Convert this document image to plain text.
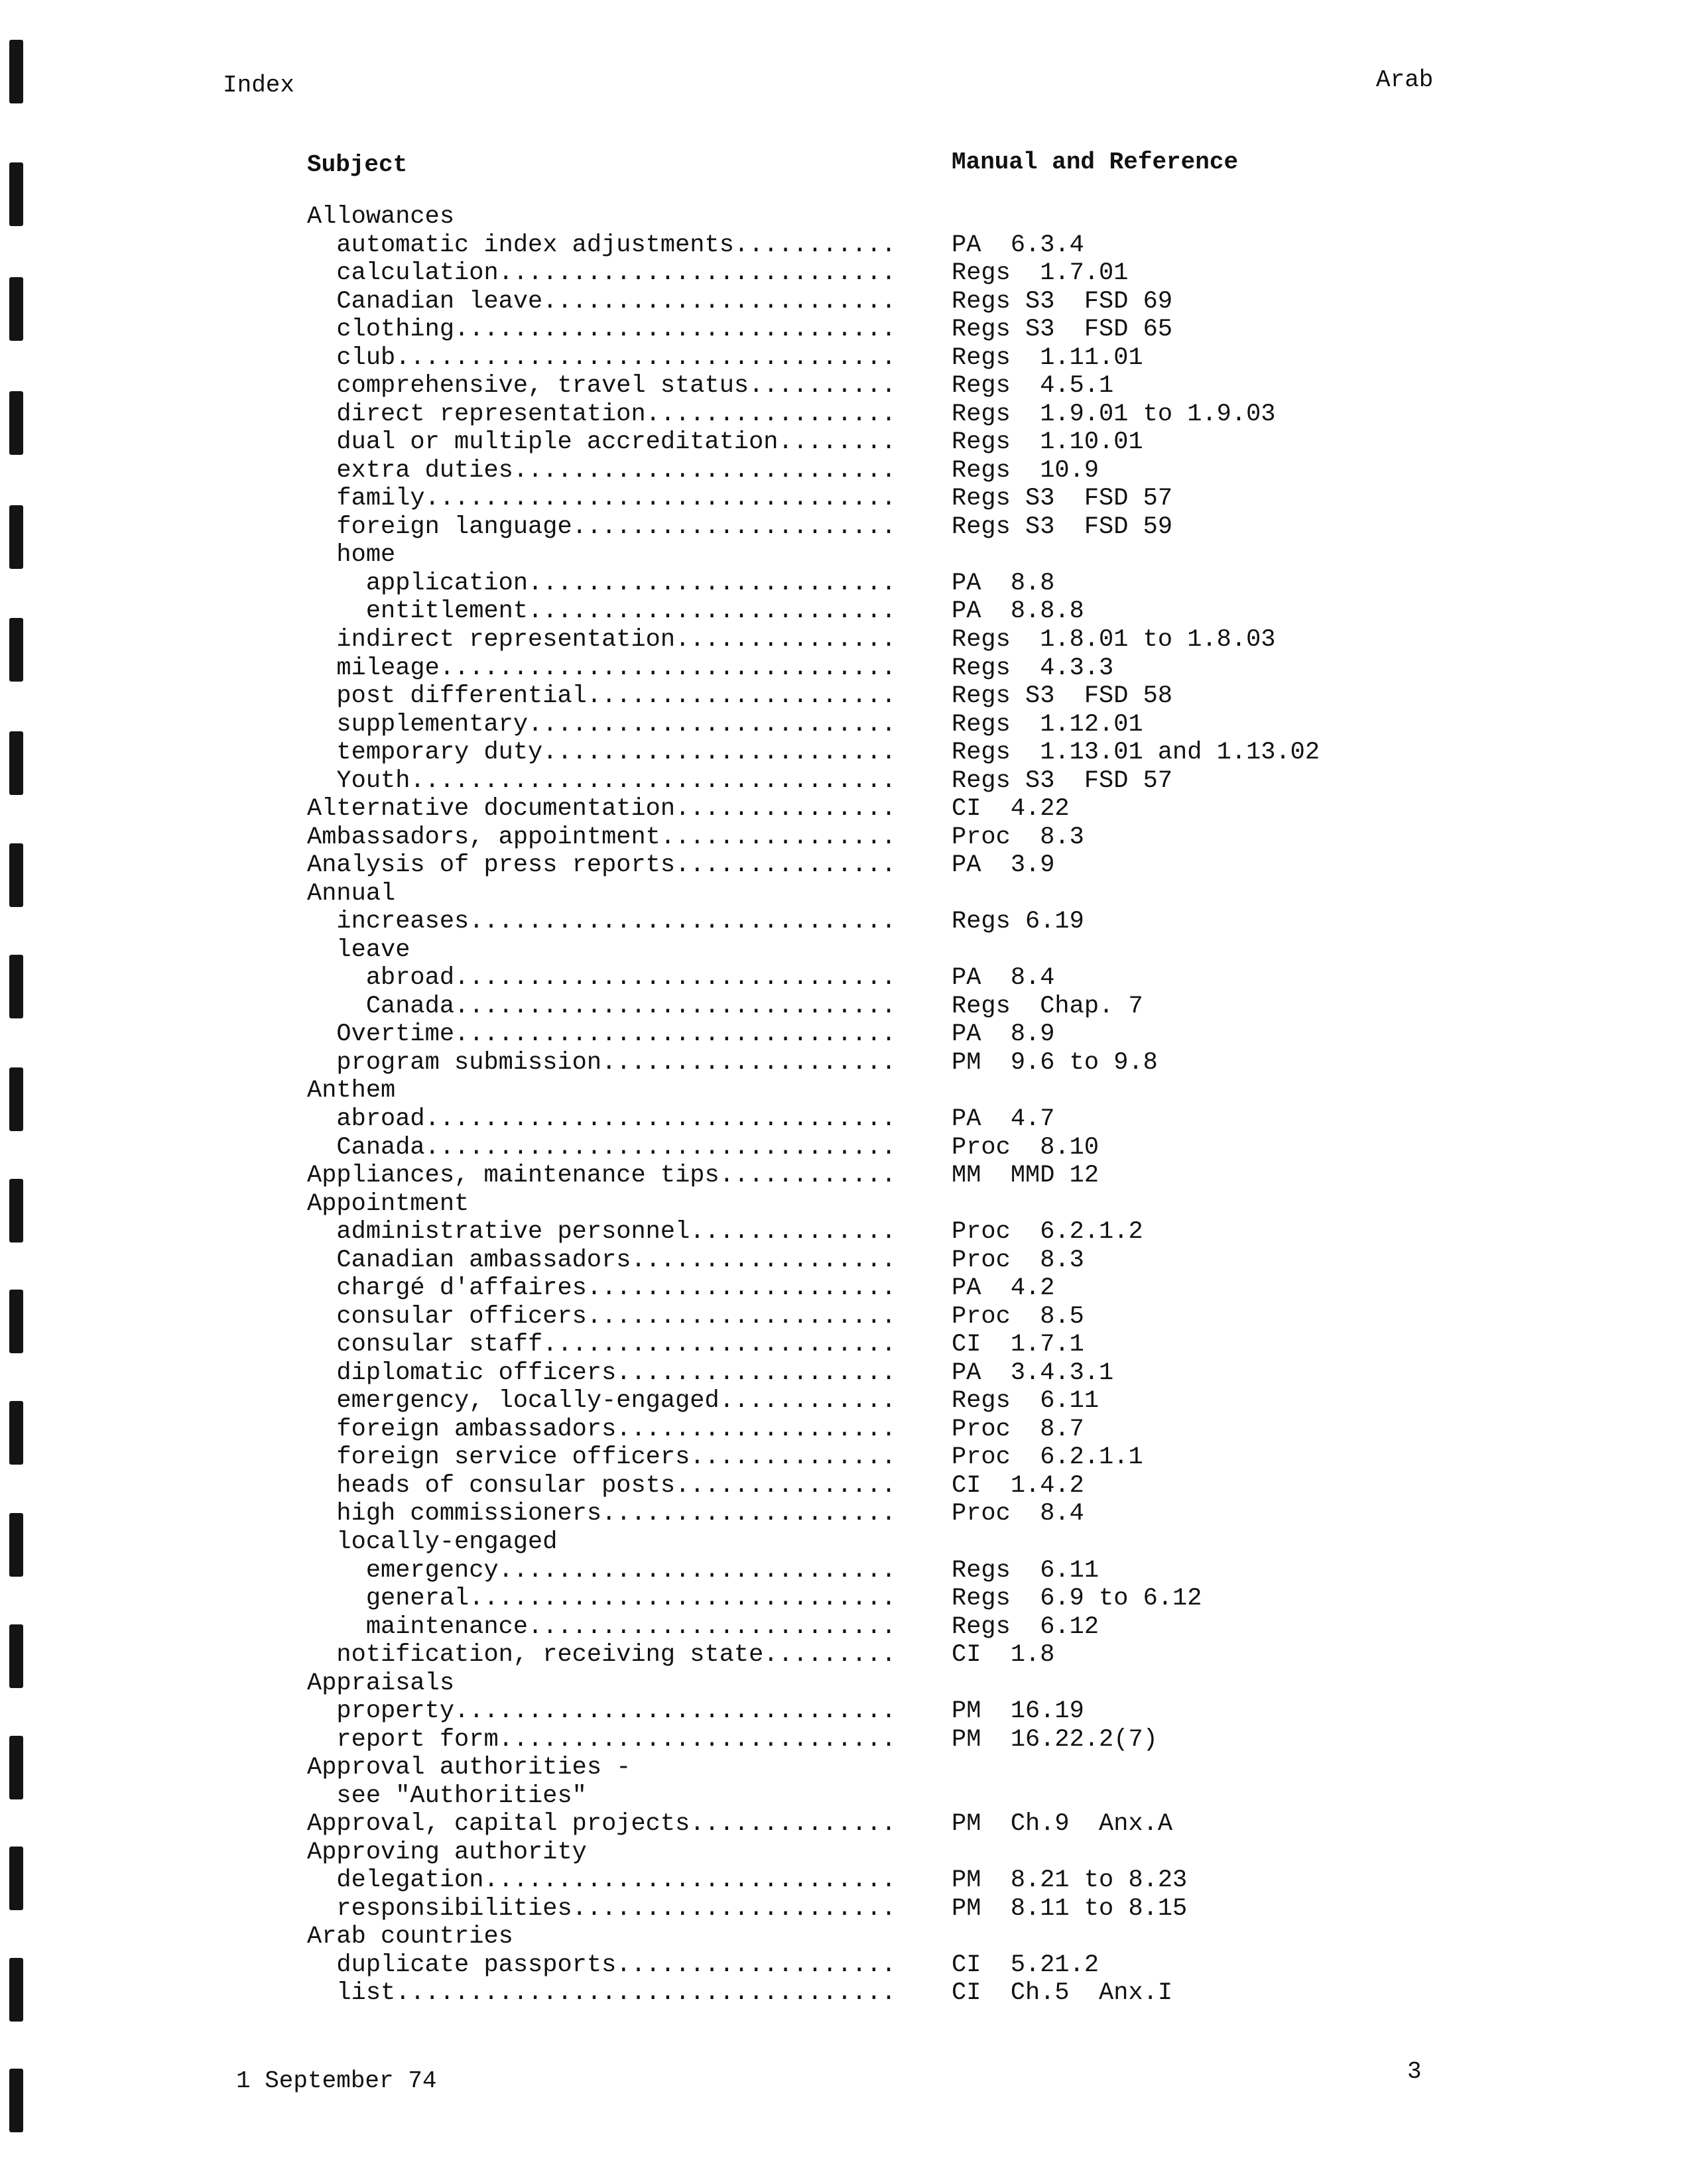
Index	Arab
Subject	Manual and Reference
Allowances
automatic index adjustments........... PA  6.3.4
calculation........................... Regs  1.7.01
Canadian leave........................ Regs S3  FSD 69
clothing.............................. Regs S3  FSD 65
club.................................. Regs  1.11.01
comprehensive, travel status.......... Regs  4.5.1
direct representation................. Regs  1.9.01 to 1.9.03
dual or multiple accreditation........ Regs  1.10.01
extra duties.......................... Regs  10.9
family................................ Regs S3  FSD 57
foreign language...................... Regs S3  FSD 59
home
application......................... PA  8.8
entitlement......................... PA  8.8.8
indirect representation............... Regs  1.8.01 to 1.8.03
mileage............................... Regs  4.3.3
post differential..................... Regs S3  FSD 58
supplementary......................... Regs  1.12.01
temporary duty........................ Regs  1.13.01 and 1.13.02
Youth................................. Regs S3  FSD 57
Alternative documentation............... CI  4.22
Ambassadors, appointment................ Proc  8.3
Analysis of press reports............... PA  3.9
Annual
increases............................. Regs 6.19
leave
abroad.............................. PA  8.4
Canada.............................. Regs  Chap. 7
Overtime.............................. PA  8.9
program submission.................... PM  9.6 to 9.8
Anthem
abroad................................ PA  4.7
Canada................................ Proc  8.10
Appliances, maintenance tips............ MM  MMD 12
Appointment
administrative personnel.............. Proc  6.2.1.2
Canadian ambassadors.................. Proc  8.3
chargé d'affaires..................... PA  4.2
consular officers..................... Proc  8.5
consular staff........................ CI  1.7.1
diplomatic officers................... PA  3.4.3.1
emergency, locally-engaged............ Regs  6.11
foreign ambassadors................... Proc  8.7
foreign service officers.............. Proc  6.2.1.1
heads of consular posts............... CI  1.4.2
high commissioners.................... Proc  8.4
locally-engaged
emergency........................... Regs  6.11
general............................. Regs  6.9 to 6.12
maintenance......................... Regs  6.12
notification, receiving state......... CI  1.8
Appraisals
property.............................. PM  16.19
report form........................... PM  16.22.2(7)
Approval authorities -
see "Authorities"
Approval, capital projects.............. PM  Ch.9  Anx.A
Approving authority
delegation............................ PM  8.21 to 8.23
responsibilities...................... PM  8.11 to 8.15
Arab countries
duplicate passports................... CI  5.21.2
list.................................. CI  Ch.5  Anx.I
1 September 74	3
